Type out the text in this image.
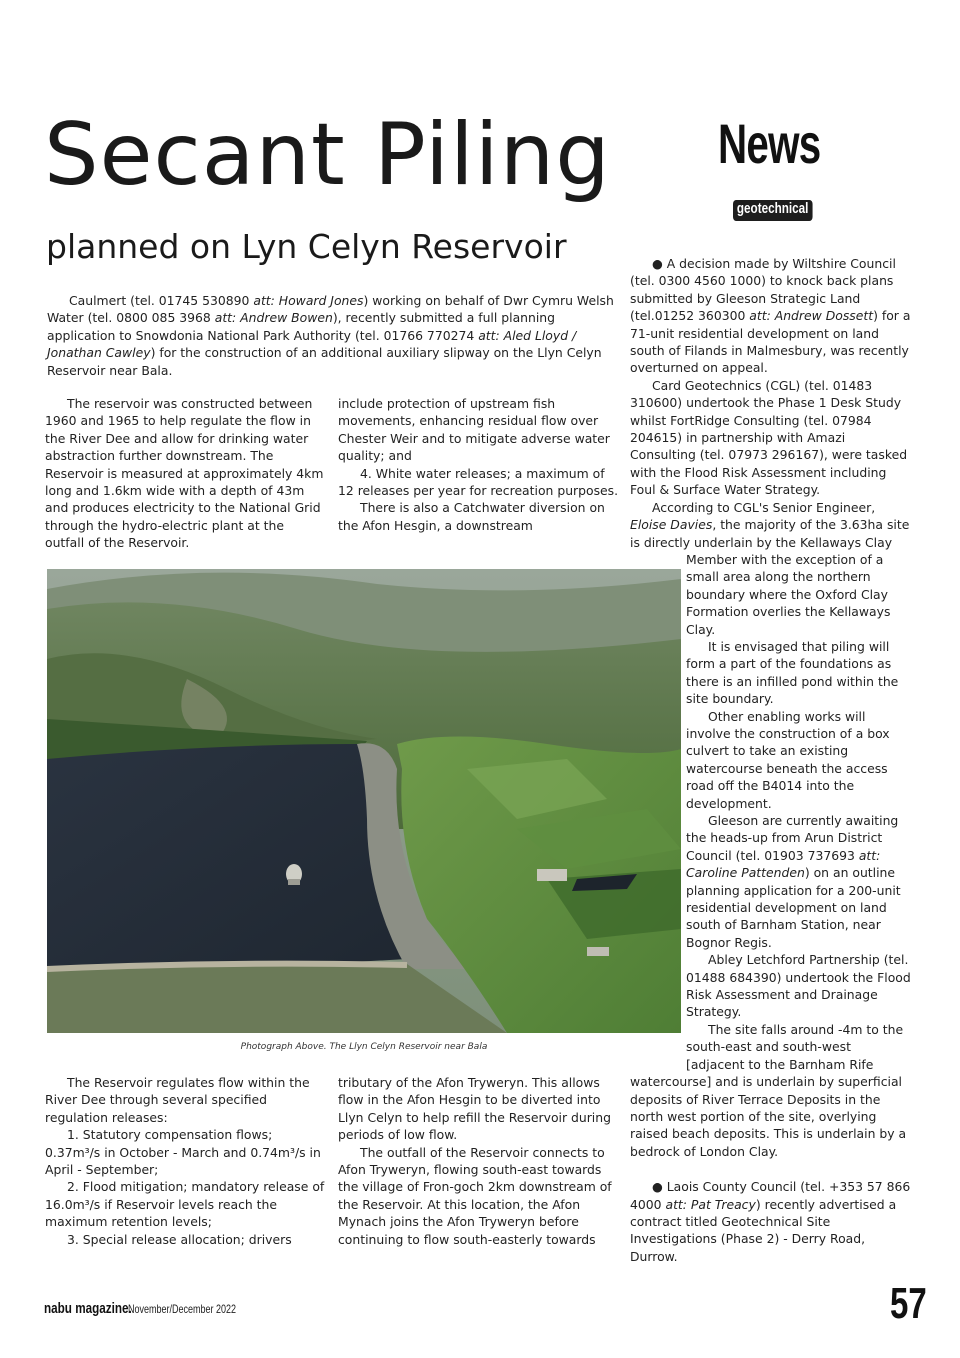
Secant Piling
planned on Lyn Celyn Reservoir
News
geotechnical

Caulmert (tel. 01745 530890 att: Howard Jones) working on behalf of Dwr Cymru Welsh Water (tel. 0800 085 3968 att: Andrew Bowen), recently submitted a full planning application to Snowdonia National Park Authority (tel. 01766 770274 att: Aled Lloyd / Jonathan Cawley) for the construction of an additional auxiliary slipway on the Llyn Celyn Reservoir near Bala.

The reservoir was constructed between 1960 and 1965 to help regulate the flow in the River Dee and allow for drinking water abstraction further downstream. The Reservoir is measured at approximately 4km long and 1.6km wide with a depth of 43m and produces electricity to the National Grid through the hydro-electric plant at the outfall of the Reservoir.

include protection of upstream fish movements, enhancing residual flow over Chester Weir and to mitigate adverse water quality; and

4. White water releases; a maximum of 12 releases per year for recreation purposes.

There is also a Catchwater diversion on the Afon Hesgin, a downstream

Photograph Above. The Llyn Celyn Reservoir near Bala

The Reservoir regulates flow within the River Dee through several specified regulation releases:

1. Statutory compensation flows; 0.37m³/s in October - March and 0.74m³/s in April - September;

2. Flood mitigation; mandatory release of 16.0m³/s if Reservoir levels reach the maximum retention levels;

3. Special release allocation; drivers

tributary of the Afon Tryweryn. This allows flow in the Afon Hesgin to be diverted into Llyn Celyn to help refill the Reservoir during periods of low flow.

The outfall of the Reservoir connects to Afon Tryweryn, flowing south-east towards the village of Fron-goch 2km downstream of the Reservoir. At this location, the Afon Mynach joins the Afon Tryweryn before continuing to flow south-easterly towards

● A decision made by Wiltshire Council (tel. 0300 4560 1000) to knock back plans submitted by Gleeson Strategic Land (tel.01252 360300 att: Andrew Dossett) for a 71-unit residential development on land south of Filands in Malmesbury, was recently overturned on appeal.

Card Geotechnics (CGL) (tel. 01483 310600) undertook the Phase 1 Desk Study whilst FortRidge Consulting (tel. 07984 204615) in partnership with Amazi Consulting (tel. 07973 296167), were tasked with the Flood Risk Assessment including Foul & Surface Water Strategy.

According to CGL's Senior Engineer, Eloise Davies, the majority of the 3.63ha site is directly underlain by the Kellaways Clay

Member with the exception of a small area along the northern boundary where the Oxford Clay Formation overlies the Kellaways Clay.

It is envisaged that piling will form a part of the foundations as there is an infilled pond within the site boundary.

Other enabling works will involve the construction of a box culvert to take an existing watercourse beneath the access road off the B4014 into the development.

Gleeson are currently awaiting the heads-up from Arun District Council (tel. 01903 737693 att: Caroline Pattenden) on an outline planning application for a 200-unit residential development on land south of Barnham Station, near Bognor Regis.

Abley Letchford Partnership (tel. 01488 684390) undertook the Flood Risk Assessment and Drainage Strategy.

The site falls around -4m to the south-east and south-west [adjacent to the Barnham Rife

watercourse] and is underlain by superficial deposits of River Terrace Deposits in the north west portion of the site, overlying raised beach deposits. This is underlain by a bedrock of London Clay.

● Laois County Council (tel. +353 57 866 4000 att: Pat Treacy) recently advertised a contract titled Geotechnical Site Investigations (Phase 2) - Derry Road, Durrow.

nabu magazine.
November/December 2022	57
